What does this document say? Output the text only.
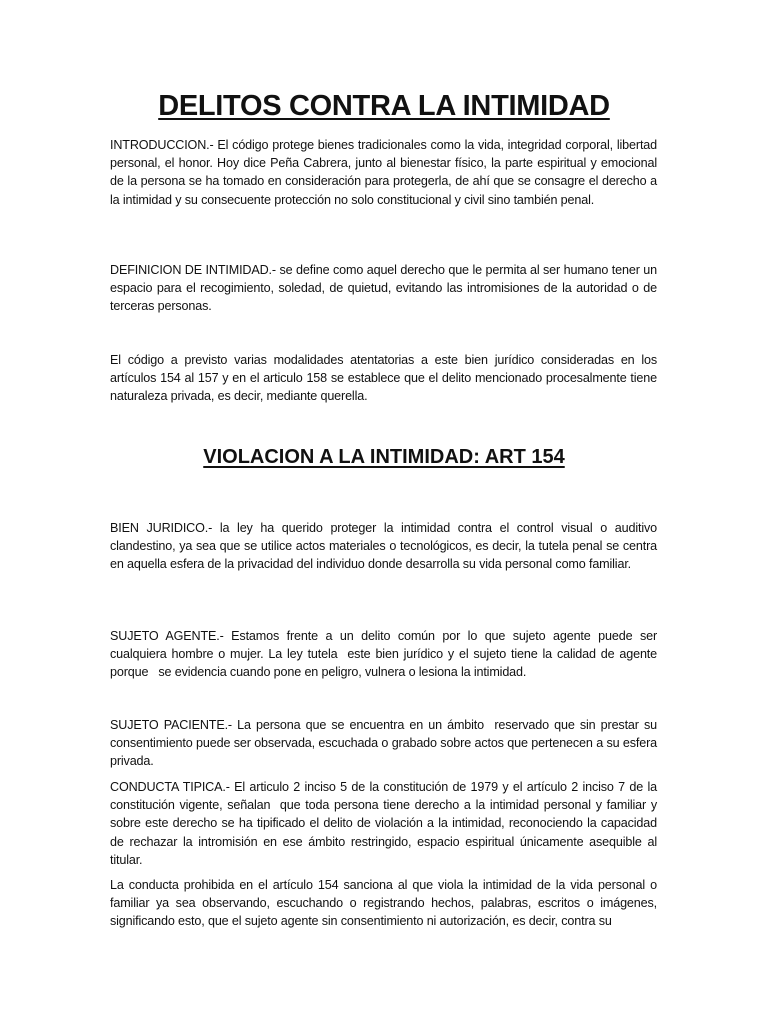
DELITOS CONTRA LA INTIMIDAD

INTRODUCCION.- El código protege bienes tradicionales como la vida, integridad corporal, libertad personal, el honor. Hoy dice Peña Cabrera, junto al bienestar físico, la parte espiritual y emocional de la persona se ha tomado en consideración para protegerla, de ahí que se consagre el derecho a la intimidad y su consecuente protección no solo constitucional y civil sino también penal.

DEFINICION DE INTIMIDAD.- se define como aquel derecho que le permita al ser humano tener un espacio para el recogimiento, soledad, de quietud, evitando las intromisiones de la autoridad o de terceras personas.

El código a previsto varias modalidades atentatorias a este bien jurídico consideradas en los artículos 154 al 157 y en el articulo 158 se establece que el delito mencionado procesalmente tiene naturaleza privada, es decir, mediante querella.

VIOLACION A LA INTIMIDAD: ART 154

BIEN JURIDICO.- la ley ha querido proteger la intimidad contra el control visual o auditivo clandestino, ya sea que se utilice actos materiales o tecnológicos, es decir, la tutela penal se centra en aquella esfera de la privacidad del individuo donde desarrolla su vida personal como familiar.

SUJETO AGENTE.- Estamos frente a un delito común por lo que sujeto agente puede ser cualquiera hombre o mujer. La ley tutela  este bien jurídico y el sujeto tiene la calidad de agente porque   se evidencia cuando pone en peligro, vulnera o lesiona la intimidad.

SUJETO PACIENTE.- La persona que se encuentra en un ámbito  reservado que sin prestar su consentimiento puede ser observada, escuchada o grabado sobre actos que pertenecen a su esfera privada.

CONDUCTA TIPICA.- El articulo 2 inciso 5 de la constitución de 1979 y el artículo 2 inciso 7 de la constitución vigente, señalan  que toda persona tiene derecho a la intimidad personal y familiar y sobre este derecho se ha tipificado el delito de violación a la intimidad, reconociendo la capacidad de rechazar la intromisión en ese ámbito restringido, espacio espiritual únicamente asequible al titular.

La conducta prohibida en el artículo 154 sanciona al que viola la intimidad de la vida personal o familiar ya sea observando, escuchando o registrando hechos, palabras, escritos o imágenes, significando esto, que el sujeto agente sin consentimiento ni autorización, es decir, contra su
